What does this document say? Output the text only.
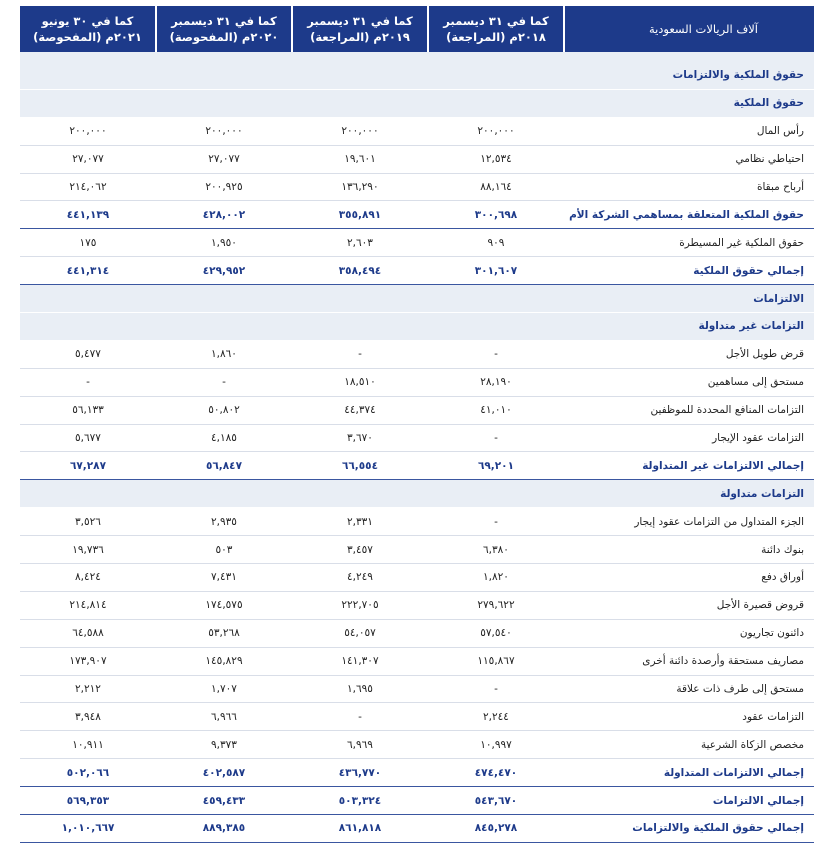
آلاف الريالات السعودية	كما في ٣١ ديسمبر ٢٠١٨م (المراجعة)	كما في ٣١ ديسمبر ٢٠١٩م (المراجعة)	كما في ٣١ ديسمبر ٢٠٢٠م (المفحوصة)	كما في ٣٠ يونيو ٢٠٢١م (المفحوصة)

حقوق الملكية والالتزامات				
حقوق الملكية				
رأس المال	٢٠٠,٠٠٠	٢٠٠,٠٠٠	٢٠٠,٠٠٠	٢٠٠,٠٠٠
احتياطي نظامي	١٢,٥٣٤	١٩,٦٠١	٢٧,٠٧٧	٢٧,٠٧٧
أرباح مبقاة	٨٨,١٦٤	١٣٦,٢٩٠	٢٠٠,٩٢٥	٢١٤,٠٦٢
حقوق الملكية المتعلقة بمساهمي الشركة الأم	٣٠٠,٦٩٨	٣٥٥,٨٩١	٤٢٨,٠٠٢	٤٤١,١٣٩
حقوق الملكية غير المسيطرة	٩٠٩	٢,٦٠٣	١,٩٥٠	١٧٥
إجمالي حقوق الملكية	٣٠١,٦٠٧	٣٥٨,٤٩٤	٤٢٩,٩٥٢	٤٤١,٣١٤
الالتزامات				
التزامات غير متداولة				
قرض طويل الأجل	-	-	١,٨٦٠	٥,٤٧٧
مستحق إلى مساهمين	٢٨,١٩٠	١٨,٥١٠	-	-
التزامات المنافع المحددة للموظفين	٤١,٠١٠	٤٤,٣٧٤	٥٠,٨٠٢	٥٦,١٣٣
التزامات عقود الإيجار	-	٣,٦٧٠	٤,١٨٥	٥,٦٧٧
إجمالي الالتزامات غير المتداولة	٦٩,٢٠١	٦٦,٥٥٤	٥٦,٨٤٧	٦٧,٢٨٧
التزامات متداولة				
الجزء المتداول من التزامات عقود إيجار	-	٢,٣٣١	٢,٩٣٥	٣,٥٢٦
بنوك دائنة	٦,٣٨٠	٣,٤٥٧	٥٠٣	١٩,٧٣٦
أوراق دفع	١,٨٢٠	٤,٢٤٩	٧,٤٣١	٨,٤٢٤
قروض قصيرة الأجل	٢٧٩,٦٢٢	٢٢٢,٧٠٥	١٧٤,٥٧٥	٢١٤,٨١٤
دائنون تجاريون	٥٧,٥٤٠	٥٤,٠٥٧	٥٣,٢٦٨	٦٤,٥٨٨
مصاريف مستحقة وأرصدة دائنة أخرى	١١٥,٨٦٧	١٤١,٣٠٧	١٤٥,٨٢٩	١٧٣,٩٠٧
مستحق إلى طرف ذات علاقة	-	١,٦٩٥	١,٧٠٧	٢,٢١٢
التزامات عقود	٢,٢٤٤	-	٦,٩٦٦	٣,٩٤٨
مخصص الزكاة الشرعية	١٠,٩٩٧	٦,٩٦٩	٩,٣٧٣	١٠,٩١١
إجمالي الالتزامات المتداولة	٤٧٤,٤٧٠	٤٣٦,٧٧٠	٤٠٢,٥٨٧	٥٠٢,٠٦٦
إجمالي الالتزامات	٥٤٣,٦٧٠	٥٠٣,٣٢٤	٤٥٩,٤٣٣	٥٦٩,٣٥٣
إجمالي حقوق الملكية والالتزامات	٨٤٥,٢٧٨	٨٦١,٨١٨	٨٨٩,٣٨٥	١,٠١٠,٦٦٧
